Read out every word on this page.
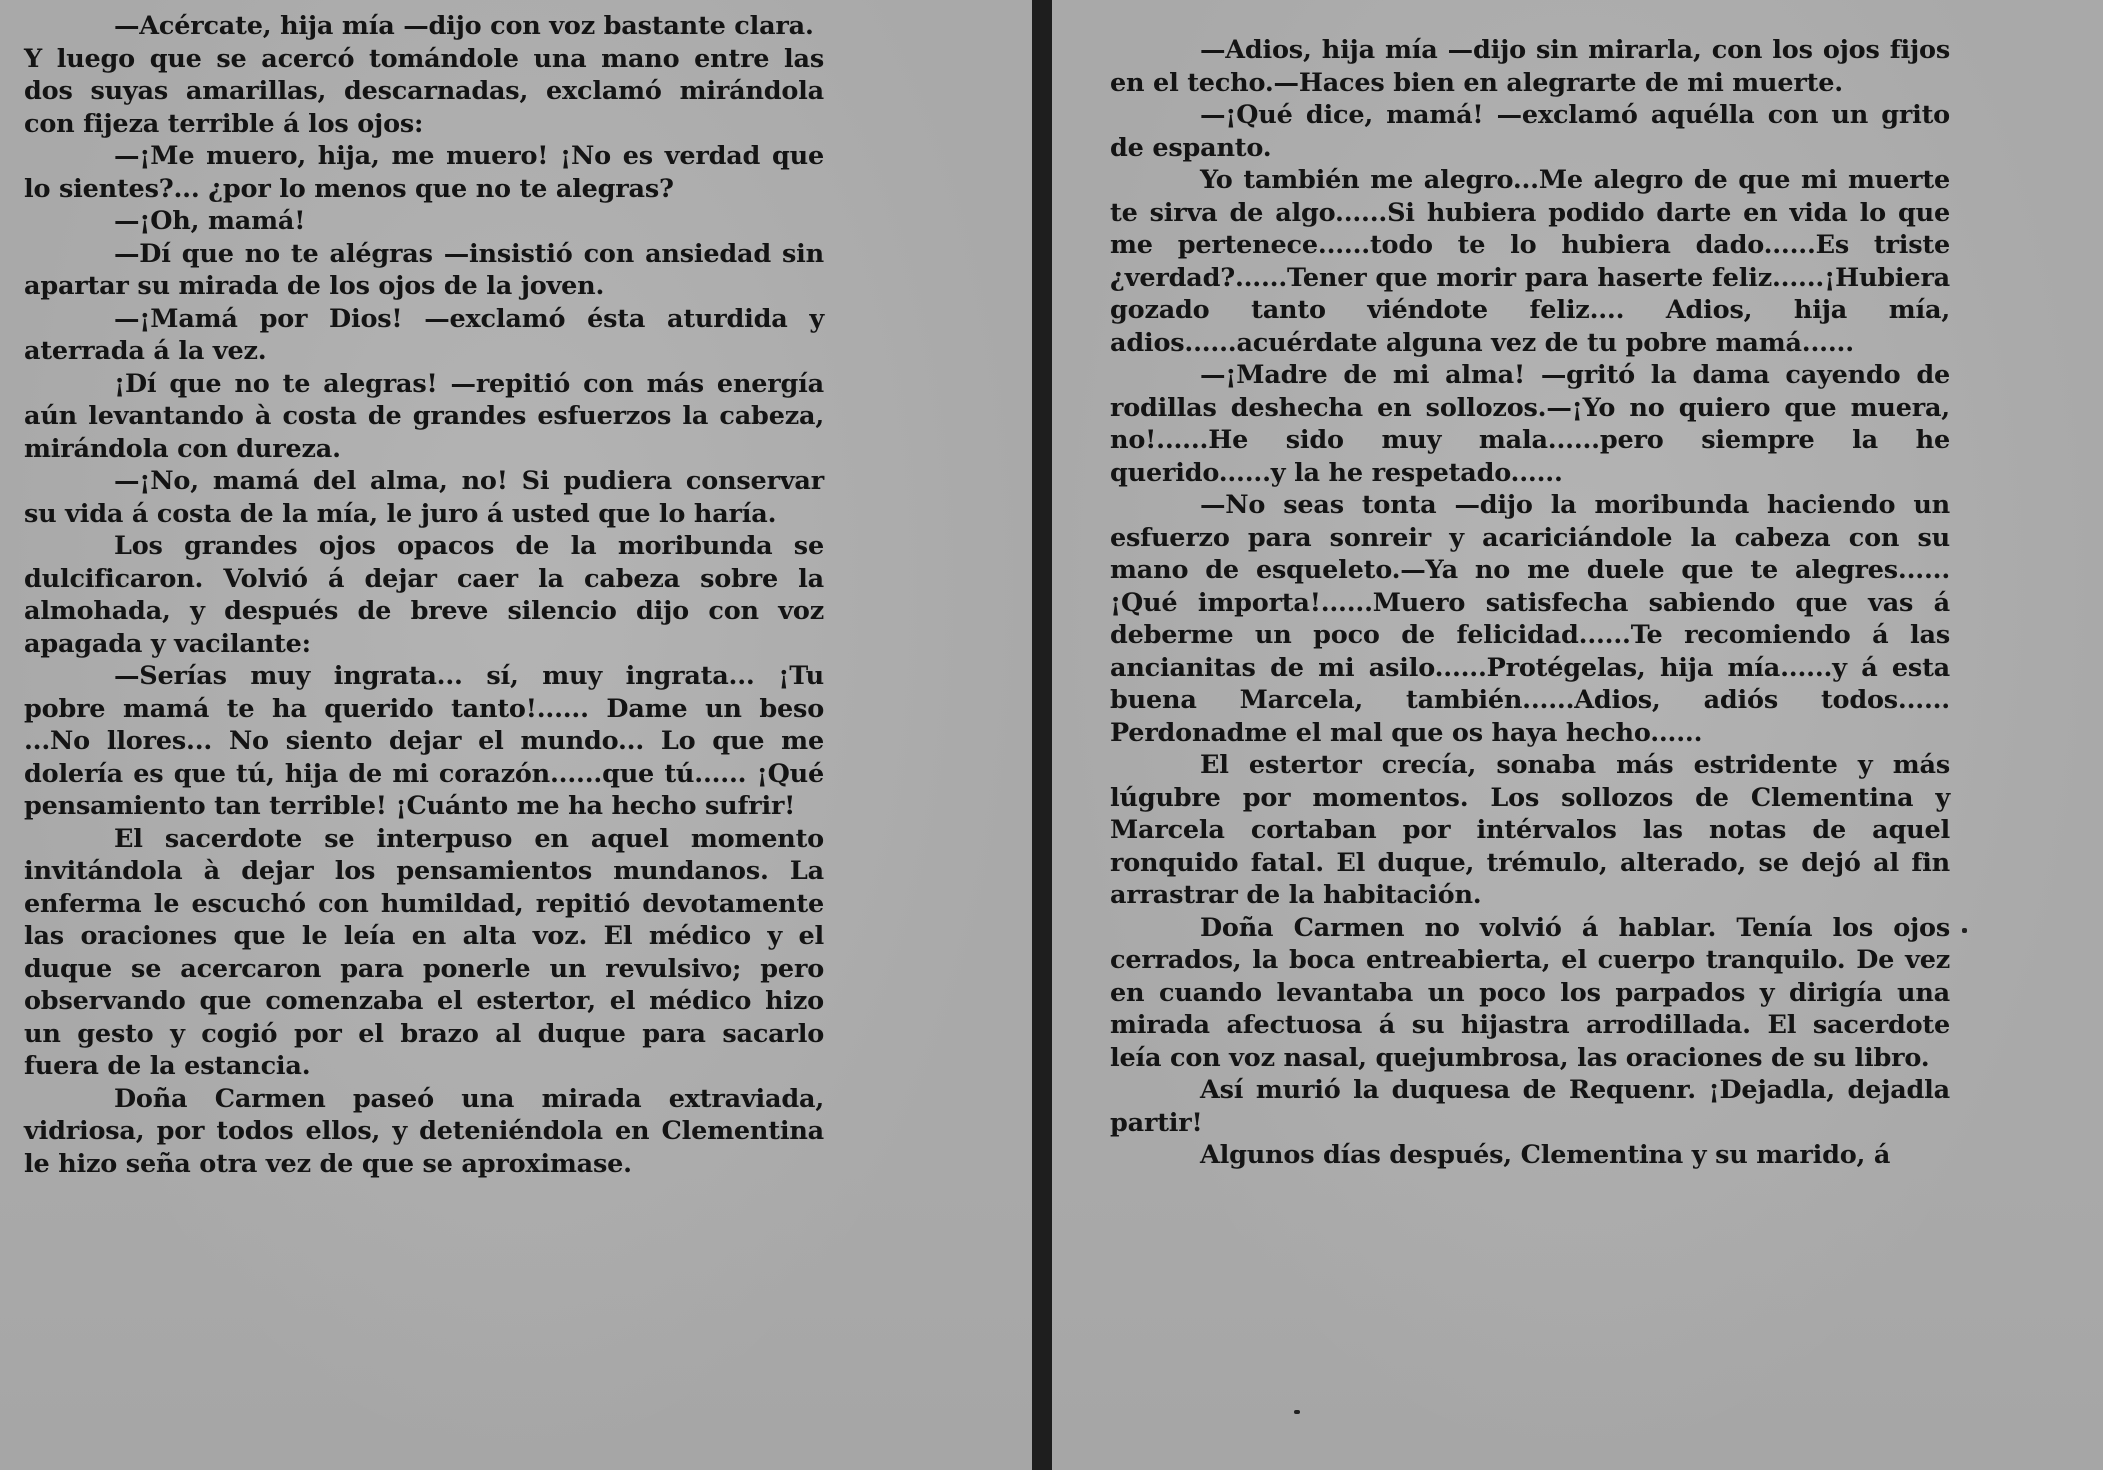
—Acércate, hija mía —dijo con voz bastante clara.

Y luego que se acercó tomándole una mano entre las dos suyas amarillas, descarnadas, exclamó mirándola con fijeza terrible á los ojos:

—¡Me muero, hija, me muero! ¡No es verdad que lo sientes?... ¿por lo menos que no te alegras?

—¡Oh, mamá!

—Dí que no te alégras —insistió con ansiedad sin apartar su mirada de los ojos de la joven.

—¡Mamá por Dios! —exclamó ésta aturdida y aterrada á la vez.

¡Dí que no te alegras! —repitió con más energía aún levantando à costa de grandes esfuerzos la cabeza, mirándola con dureza.

—¡No, mamá del alma, no! Si pudiera conservar su vida á costa de la mía, le juro á usted que lo haría.

Los grandes ojos opacos de la moribunda se dulcificaron. Volvió á dejar caer la cabeza sobre la almohada, y después de breve silencio dijo con voz apagada y vacilante:

—Serías muy ingrata... sí, muy ingrata... ¡Tu pobre mamá te ha querido tanto!...... Dame un beso ...No llores... No siento dejar el mundo... Lo que me dolería es que tú, hija de mi corazón......que tú...... ¡Qué pensamiento tan terrible! ¡Cuánto me ha hecho sufrir!

El sacerdote se interpuso en aquel momento invitándola à dejar los pensamientos mundanos. La enferma le escuchó con humildad, repitió devotamente las oraciones que le leía en alta voz. El médico y el duque se acercaron para ponerle un revulsivo; pero observando que comenzaba el estertor, el médico hizo un gesto y cogió por el brazo al duque para sacarlo fuera de la estancia.

Doña Carmen paseó una mirada extraviada, vidriosa, por todos ellos, y deteniéndola en Clementina le hizo seña otra vez de que se aproximase.

—Adios, hija mía —dijo sin mirarla, con los ojos fijos en el techo.—Haces bien en alegrarte de mi muerte.

—¡Qué dice, mamá! —exclamó aquélla con un grito de espanto.

Yo también me alegro...Me alegro de que mi muerte te sirva de algo......Si hubiera podido darte en vida lo que me pertenece......todo te lo hubiera dado......Es triste ¿verdad?......Tener que morir para haserte feliz......¡Hubiera gozado tanto viéndote feliz.... Adios, hija mía, adios......acuérdate alguna vez de tu pobre mamá......

—¡Madre de mi alma! —gritó la dama cayendo de rodillas deshecha en sollozos.—¡Yo no quiero que muera, no!......He sido muy mala......pero siempre la he querido......y la he respetado......

—No seas tonta —dijo la moribunda haciendo un esfuerzo para sonreir y acariciándole la cabeza con su mano de esqueleto.—Ya no me duele que te alegres...... ¡Qué importa!......Muero satisfecha sabiendo que vas á deberme un poco de felicidad......Te recomiendo á las ancianitas de mi asilo......Protégelas, hija mía......y á esta buena Marcela, también......Adios, adiós todos...... Perdonadme el mal que os haya hecho......

El estertor crecía, sonaba más estridente y más lúgubre por momentos. Los sollozos de Clementina y Marcela cortaban por intérvalos las notas de aquel ronquido fatal. El duque, trémulo, alterado, se dejó al fin arrastrar de la habitación.

Doña Carmen no volvió á hablar. Tenía los ojos cerrados, la boca entreabierta, el cuerpo tranquilo. De vez en cuando levantaba un poco los parpados y dirigía una mirada afectuosa á su hijastra arrodillada. El sacerdote leía con voz nasal, quejumbrosa, las oraciones de su libro.

Así murió la duquesa de Requenr. ¡Dejadla, dejadla partir!

Algunos días después, Clementina y su marido, á
